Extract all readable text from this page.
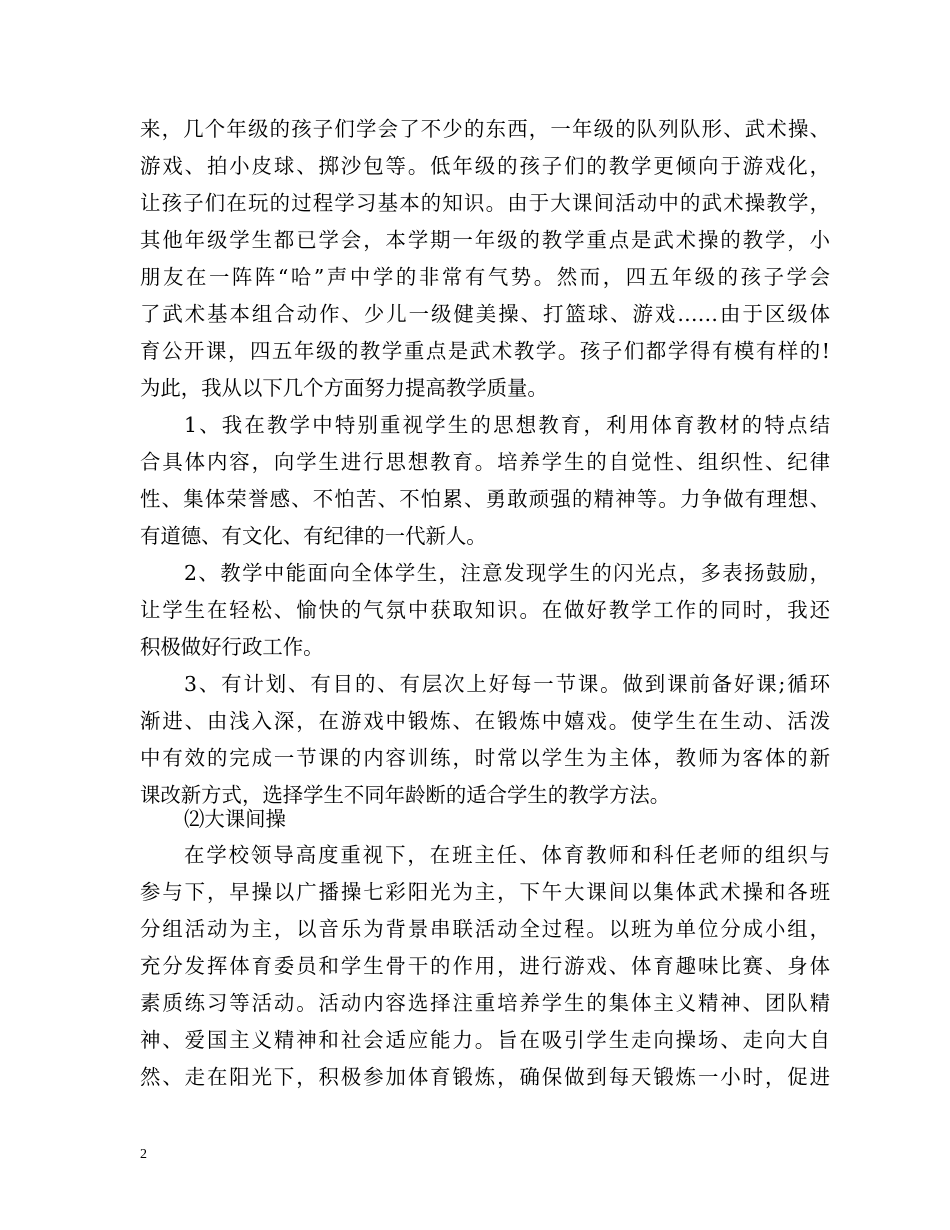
来，几个年级的孩子们学会了不少的东西，一年级的队列队形、武术操、
游戏、拍小皮球、掷沙包等。低年级的孩子们的教学更倾向于游戏化，
让孩子们在玩的过程学习基本的知识。由于大课间活动中的武术操教学，
其他年级学生都已学会，本学期一年级的教学重点是武术操的教学，小
朋友在一阵阵“哈”声中学的非常有气势。然而，四五年级的孩子学会
了武术基本组合动作、少儿一级健美操、打篮球、游戏……由于区级体
育公开课，四五年级的教学重点是武术教学。孩子们都学得有模有样的!
为此，我从以下几个方面努力提高教学质量。
1、我在教学中特别重视学生的思想教育，利用体育教材的特点结
合具体内容，向学生进行思想教育。培养学生的自觉性、组织性、纪律
性、集体荣誉感、不怕苦、不怕累、勇敢顽强的精神等。力争做有理想、
有道德、有文化、有纪律的一代新人。
2、教学中能面向全体学生，注意发现学生的闪光点，多表扬鼓励，
让学生在轻松、愉快的气氛中获取知识。在做好教学工作的同时，我还
积极做好行政工作。
3、有计划、有目的、有层次上好每一节课。做到课前备好课;循环
渐进、由浅入深，在游戏中锻炼、在锻炼中嬉戏。使学生在生动、活泼
中有效的完成一节课的内容训练，时常以学生为主体，教师为客体的新
课改新方式，选择学生不同年龄断的适合学生的教学方法。
⑵大课间操
在学校领导高度重视下，在班主任、体育教师和科任老师的组织与
参与下，早操以广播操七彩阳光为主，下午大课间以集体武术操和各班
分组活动为主，以音乐为背景串联活动全过程。以班为单位分成小组，
充分发挥体育委员和学生骨干的作用，进行游戏、体育趣味比赛、身体
素质练习等活动。活动内容选择注重培养学生的集体主义精神、团队精
神、爱国主义精神和社会适应能力。旨在吸引学生走向操场、走向大自
然、走在阳光下，积极参加体育锻炼，确保做到每天锻炼一小时，促进
2
